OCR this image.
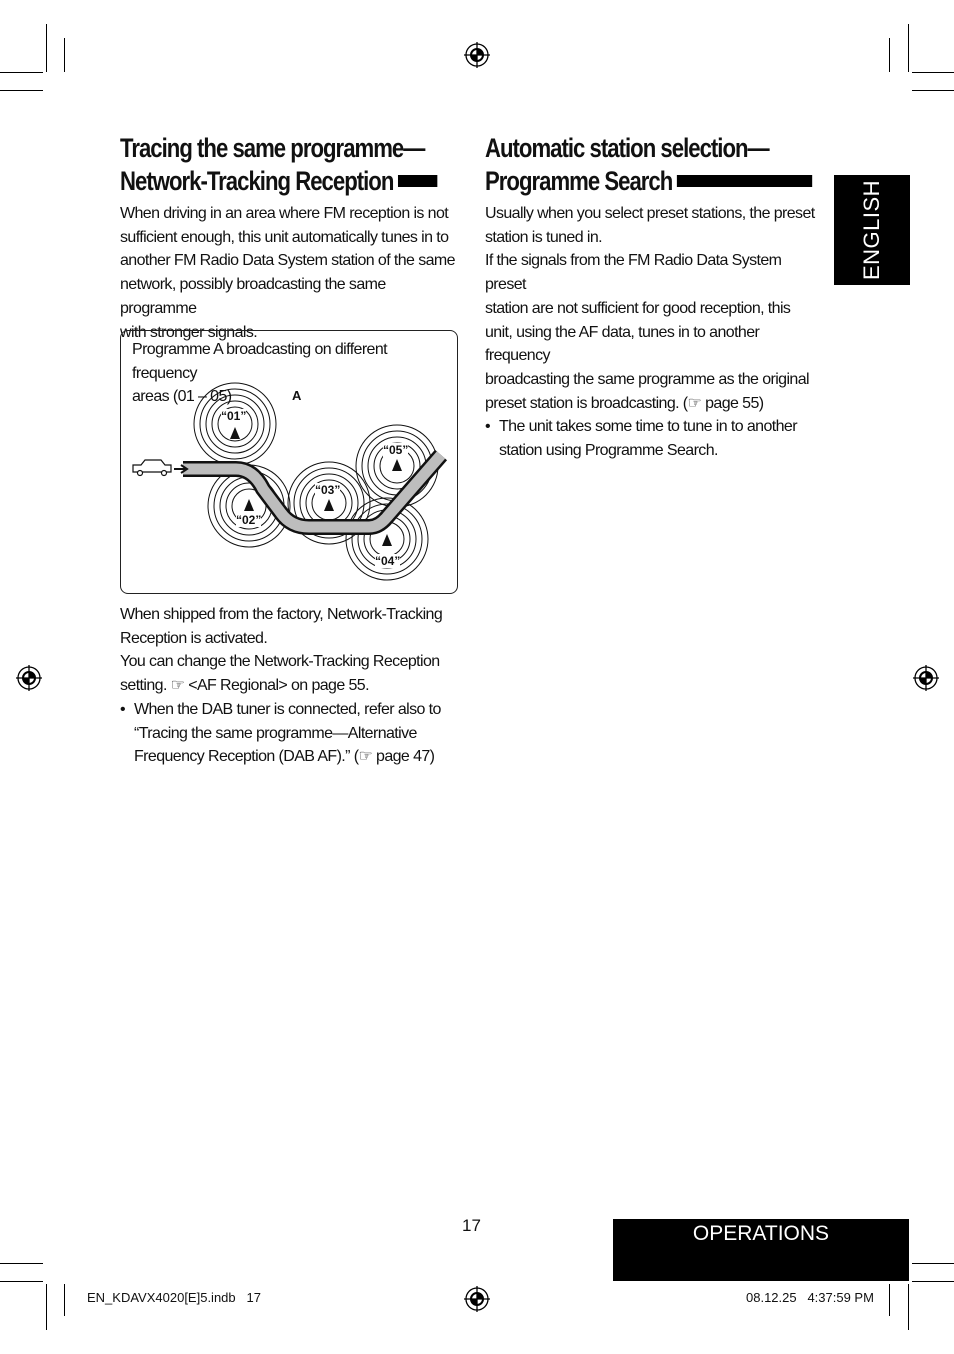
Tracing the same programme—
Network-Tracking Reception

When driving in an area where FM reception is not

sufficient enough, this unit automatically tunes in to

another FM Radio Data System station of the same

network, possibly broadcasting the same programme

with stronger signals.

Programme A broadcasting on different frequency

areas (01 – 05)	A
“01”
“05”
“03”
“02”
“04”

When shipped from the factory, Network-Tracking

Reception is activated.

You can change the Network-Tracking Reception

setting. ☞ <AF Regional> on page 55.

• When the DAB tuner is connected, refer also to

“Tracing the same programme—Alternative

Frequency Reception (DAB AF).” (☞ page 47)

Automatic station selection—
Programme Search

Usually when you select preset stations, the preset

station is tuned in.

If the signals from the FM Radio Data System preset

station are not sufficient for good reception, this

unit, using the AF data, tunes in to another frequency

broadcasting the same programme as the original

preset station is broadcasting. (☞ page 55)

• The unit takes some time to tune in to another

station using Programme Search.

ENGLISH
17	OPERATIONS
EN_KDAVX4020[E]5.indb   17	08.12.25   4:37:59 PM
